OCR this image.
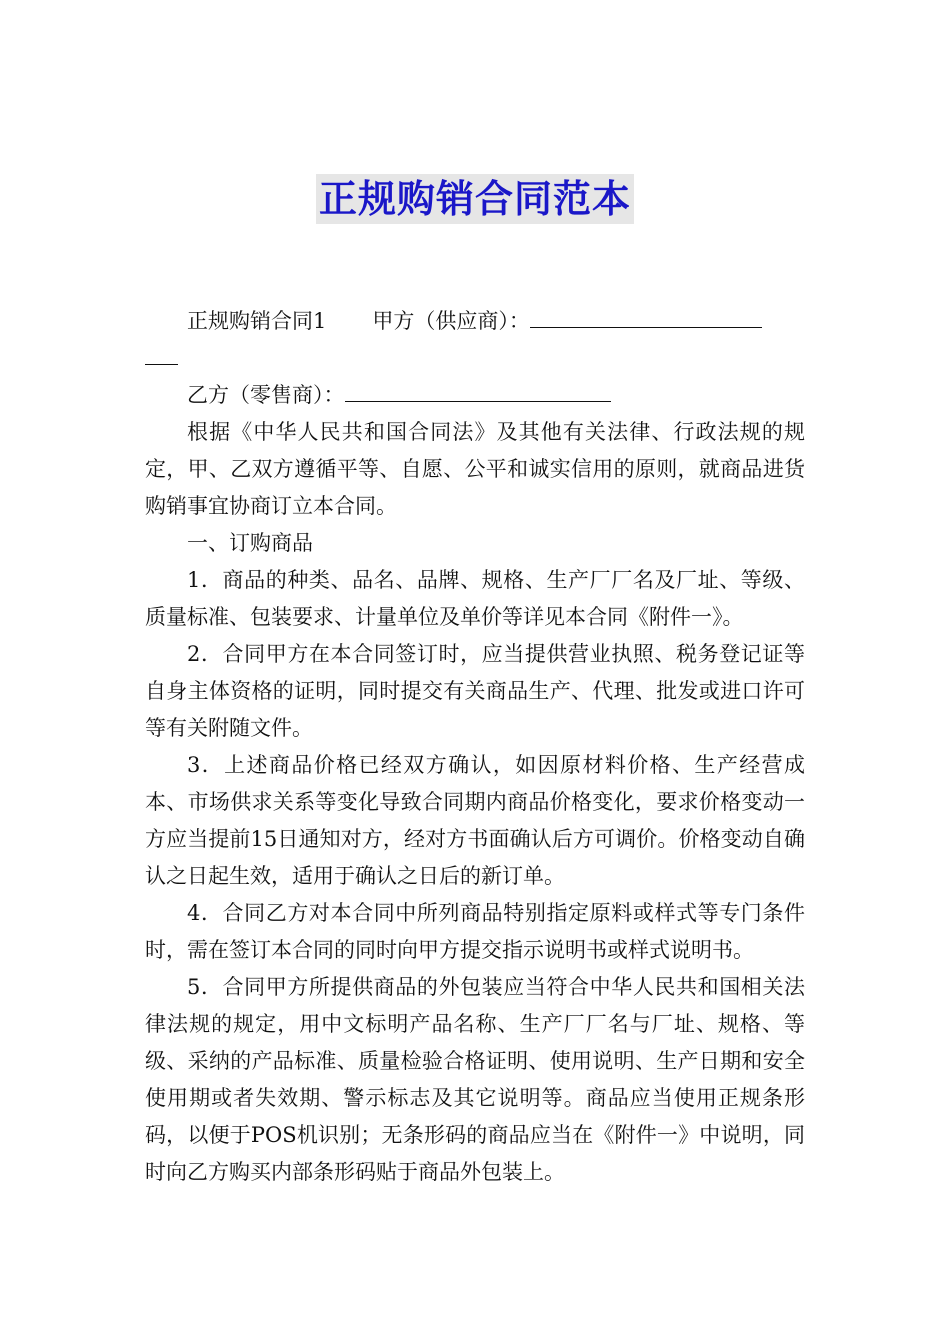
正规购销合同范本

正规购销合同1 甲方（供应商）：

乙方（零售商）：

根据《中华人民共和国合同法》及其他有关法律、行政法规的规定，甲、乙双方遵循平等、自愿、公平和诚实信用的原则，就商品进货购销事宜协商订立本合同。

一、订购商品

1．商品的种类、品名、品牌、规格、生产厂厂名及厂址、等级、质量标准、包装要求、计量单位及单价等详见本合同《附件一》。

2．合同甲方在本合同签订时，应当提供营业执照、税务登记证等自身主体资格的证明，同时提交有关商品生产、代理、批发或进口许可等有关附随文件。

3．上述商品价格已经双方确认，如因原材料价格、生产经营成本、市场供求关系等变化导致合同期内商品价格变化，要求价格变动一方应当提前15日通知对方，经对方书面确认后方可调价。价格变动自确认之日起生效，适用于确认之日后的新订单。

4．合同乙方对本合同中所列商品特别指定原料或样式等专门条件时，需在签订本合同的同时向甲方提交指示说明书或样式说明书。

5．合同甲方所提供商品的外包装应当符合中华人民共和国相关法律法规的规定，用中文标明产品名称、生产厂厂名与厂址、规格、等级、采纳的产品标准、质量检验合格证明、使用说明、生产日期和安全使用期或者失效期、警示标志及其它说明等。商品应当使用正规条形码，以便于POS机识别；无条形码的商品应当在《附件一》中说明，同时向乙方购买内部条形码贴于商品外包装上。
